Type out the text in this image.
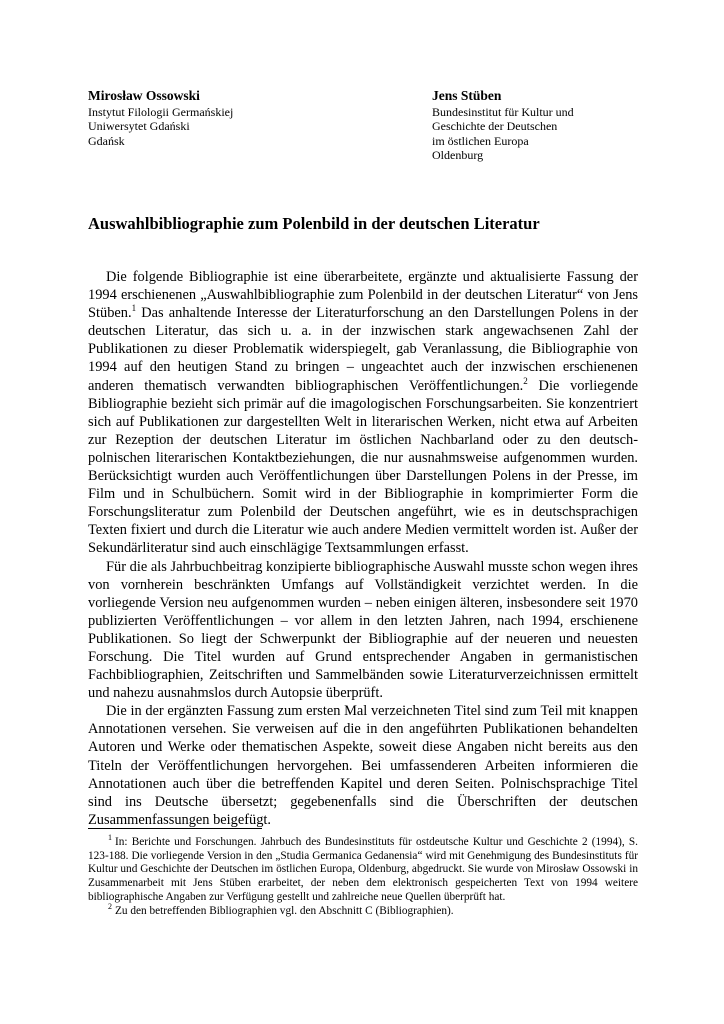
Mirosław Ossowski
Instytut Filologii Germańskiej
Uniwersytet Gdański
Gdańsk
Jens Stüben
Bundesinstitut für Kultur und
Geschichte der Deutschen
im östlichen Europa
Oldenburg
Auswahlbibliographie zum Polenbild in der deutschen Literatur

Die folgende Bibliographie ist eine überarbeitete, ergänzte und aktualisierte Fassung der 1994 erschienenen „Auswahlbibliographie zum Polenbild in der deutschen Literatur“ von Jens Stüben.$^1$ Das anhaltende Interesse der Literaturforschung an den Darstellungen Polens in der deutschen Literatur, das sich u. a. in der inzwischen stark angewachsenen Zahl der Publikationen zu dieser Problematik widerspiegelt, gab Veranlassung, die Bibliographie von 1994 auf den heutigen Stand zu bringen – ungeachtet auch der inzwischen erschienenen anderen thematisch verwandten bibliographischen Veröffentlichungen.$^2$ Die vorliegende Bibliographie bezieht sich primär auf die imagologischen Forschungsarbeiten. Sie konzentriert sich auf Publikationen zur dargestellten Welt in literarischen Werken, nicht etwa auf Arbeiten zur Rezeption der deutschen Literatur im östlichen Nachbarland oder zu den deutsch-polnischen literarischen Kontaktbeziehungen, die nur ausnahmsweise aufgenommen wurden. Berücksichtigt wurden auch Veröffentlichungen über Darstellungen Polens in der Presse, im Film und in Schulbüchern. Somit wird in der Bibliographie in komprimierter Form die Forschungsliteratur zum Polenbild der Deutschen angeführt, wie es in deutschsprachigen Texten fixiert und durch die Literatur wie auch andere Medien vermittelt worden ist. Außer der Sekundärliteratur sind auch einschlägige Textsammlungen erfasst.

Für die als Jahrbuchbeitrag konzipierte bibliographische Auswahl musste schon wegen ihres von vornherein beschränkten Umfangs auf Vollständigkeit verzichtet werden. In die vorliegende Version neu aufgenommen wurden – neben einigen älteren, insbesondere seit 1970 publizierten Veröffentlichungen – vor allem in den letzten Jahren, nach 1994, erschienene Publikationen. So liegt der Schwerpunkt der Bibliographie auf der neueren und neuesten Forschung. Die Titel wurden auf Grund entsprechender Angaben in germanistischen Fachbibliographien, Zeitschriften und Sammelbänden sowie Literaturverzeichnissen ermittelt und nahezu ausnahmslos durch Autopsie überprüft.

Die in der ergänzten Fassung zum ersten Mal verzeichneten Titel sind zum Teil mit knappen Annotationen versehen. Sie verweisen auf die in den angeführten Publikationen behandelten Autoren und Werke oder thematischen Aspekte, soweit diese Angaben nicht bereits aus den Titeln der Veröffentlichungen hervorgehen. Bei umfassenderen Arbeiten informieren die Annotationen auch über die betreffenden Kapitel und deren Seiten. Polnischsprachige Titel sind ins Deutsche übersetzt; gegebenenfalls sind die Überschriften der deutschen Zusammenfassungen beigefügt.

$^1$ In: Berichte und Forschungen. Jahrbuch des Bundesinstituts für ostdeutsche Kultur und Geschichte 2 (1994), S. 123-188. Die vorliegende Version in den „Studia Germanica Gedanensia“ wird mit Genehmigung des Bundesinstituts für Kultur und Geschichte der Deutschen im östlichen Europa, Oldenburg, abgedruckt. Sie wurde von Mirosław Ossowski in Zusammenarbeit mit Jens Stüben erarbeitet, der neben dem elektronisch gespeicherten Text von 1994 weitere bibliographische Angaben zur Verfügung gestellt und zahlreiche neue Quellen überprüft hat.

$^2$ Zu den betreffenden Bibliographien vgl. den Abschnitt C (Bibliographien).
